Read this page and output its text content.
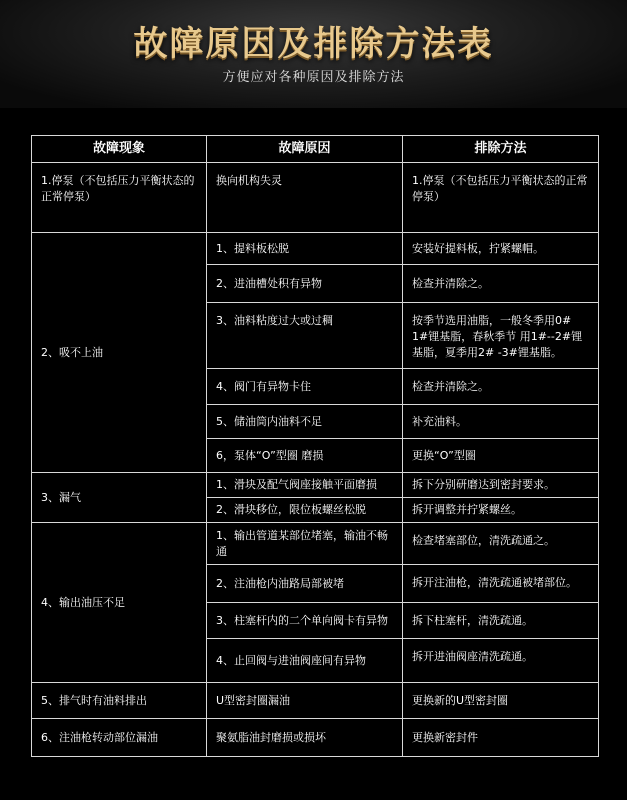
故障原因及排除方法表
方便应对各种原因及排除方法
故障现象	故障原因	排除方法
1.停泵（不包括压力平衡状态的正常停泵）	换向机构失灵	1.停泵（不包括压力平衡状态的正常停泵）
2、吸不上油	1、提料板松脱	安装好提料板，拧紧螺帽。
	2、进油槽处积有异物	检查并清除之。
	3、油料粘度过大或过稠	按季节选用油脂，一般冬季用0# 1#锂基脂，春秋季节 用1#--2#锂基脂，夏季用2# -3#锂基脂。
	4、阀门有异物卡住	检查并清除之。
	5、储油筒内油料不足	补充油料。
	6，泵体“O”型圈 磨损	更换“O”型圈
3、漏气	1、滑块及配气阀座接触平面磨损	拆下分别研磨达到密封要求。
	2、滑块移位，限位板螺丝松脱	拆开调整并拧紧螺丝。
4、输出油压不足	1、输出管道某部位堵塞，输油不畅通	检查堵塞部位，清洗疏通之。
	2、注油枪内油路局部被堵	拆开注油枪，清洗疏通被堵部位。
	3、柱塞杆内的二个单向阀卡有异物	拆下柱塞杆，清洗疏通。
	4、止回阀与进油阀座间有异物	拆开进油阀座清洗疏通。
5、排气时有油料排出	U型密封圈漏油	更换新的U型密封圈
6、注油枪转动部位漏油	聚氨脂油封磨损或损坏	更换新密封件
